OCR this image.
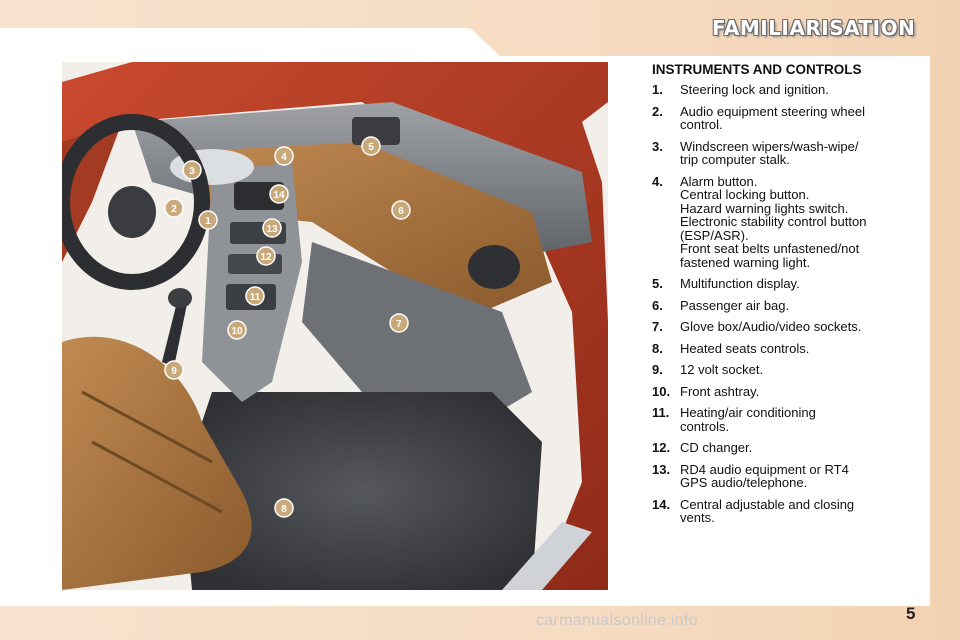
FAMILIARISATION
1
2
3
4
5
6
7
8
9
10
11
12
13
14
INSTRUMENTS AND CONTROLS
1.	Steering lock and ignition.
2.	Audio equipment steering wheel
control.
3.	Windscreen wipers/wash-wipe/
trip computer stalk.
4.	Alarm button.
Central locking button.
Hazard warning lights switch.
Electronic stability control button
(ESP/ASR).
Front seat belts unfastened/not
fastened warning light.
5.	Multifunction display.
6.	Passenger air bag.
7.	Glove box/Audio/video sockets.
8.	Heated seats controls.
9.	12 volt socket.
10. Front ashtray.
11. Heating/air conditioning
controls.
12. CD changer.
13. RD4 audio equipment or RT4
GPS audio/telephone.
14. Central adjustable and closing
vents.
5
carmanualsonline.info
